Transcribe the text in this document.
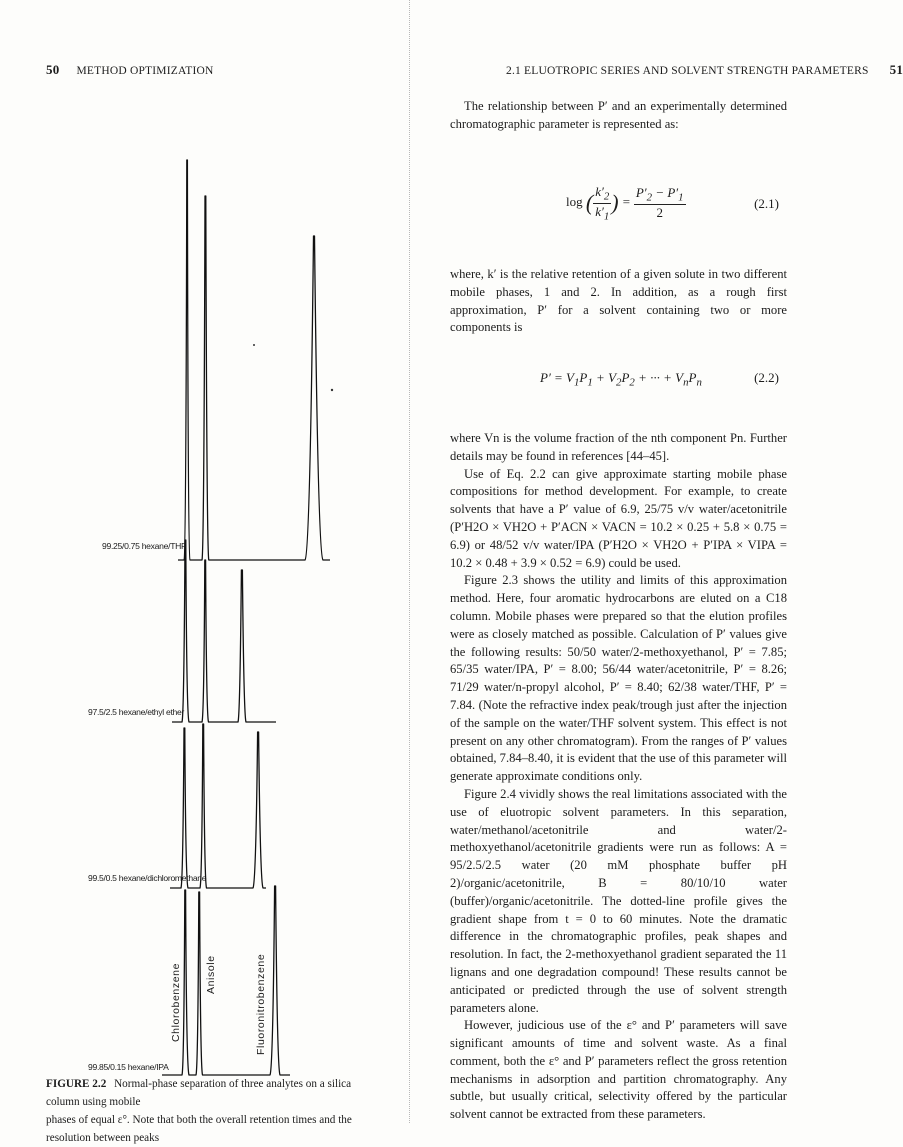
50 METHOD OPTIMIZATION	2.1 ELUOTROPIC SERIES AND SOLVENT STRENGTH PARAMETERS 51
99.25/0.75 hexane/THF
97.5/2.5 hexane/ethyl ether
99.5/0.5 hexane/dichloromethane
99.85/0.15 hexane/IPA
Chlorobenzene Anisole	Fluoronitrobenzene
FIGURE 2.2 Normal-phase separation of three analytes on a silica column using mobile
phases of equal ε°. Note that both the overall retention times and the resolution between peaks

The relationship between P′ and an experimentally determined chromatographic parameter is represented as:

log ( $\frac{k'_2}{k'_1}$ ) = $\frac{P'_2 - P'_1}{2}$	(2.1)

where, k′ is the relative retention of a given solute in two different mobile phases, 1 and 2. In addition, as a rough first approximation, P′ for a solvent containing two or more components is

$P' = V_1P_1 + V_2P_2$ + ··· + $V_nP_n$	(2.2)

where Vn is the volume fraction of the nth component Pn. Further details may be found in references [44–45].

Use of Eq. 2.2 can give approximate starting mobile phase compositions for method development. For example, to create solvents that have a P′ value of 6.9, 25/75 v/v water/acetonitrile (P′H2O × VH2O + P′ACN × VACN = 10.2 × 0.25 + 5.8 × 0.75 = 6.9) or 48/52 v/v water/IPA (P′H2O × VH2O + P′IPA × VIPA = 10.2 × 0.48 + 3.9 × 0.52 = 6.9) could be used.

Figure 2.3 shows the utility and limits of this approximation method. Here, four aromatic hydrocarbons are eluted on a C18 column. Mobile phases were prepared so that the elution profiles were as closely matched as possible. Calculation of P′ values give the following results: 50/50 water/2-methoxyethanol, P′ = 7.85; 65/35 water/IPA, P′ = 8.00; 56/44 water/acetonitrile, P′ = 8.26; 71/29 water/n-propyl alcohol, P′ = 8.40; 62/38 water/THF, P′ = 7.84. (Note the refractive index peak/trough just after the injection of the sample on the water/THF solvent system. This effect is not present on any other chromatogram). From the ranges of P′ values obtained, 7.84–8.40, it is evident that the use of this parameter will generate approximate conditions only.

Figure 2.4 vividly shows the real limitations associated with the use of eluotropic solvent parameters. In this separation, water/methanol/acetonitrile and water/2-methoxyethanol/acetonitrile gradients were run as follows: A = 95/2.5/2.5 water (20 mM phosphate buffer pH 2)/organic/acetonitrile, B = 80/10/10 water (buffer)/organic/acetonitrile. The dotted-line profile gives the gradient shape from t = 0 to 60 minutes. Note the dramatic difference in the chromatographic profiles, peak shapes and resolution. In fact, the 2-methoxyethanol gradient separated the 11 lignans and one degradation compound! These results cannot be anticipated or predicted through the use of solvent strength parameters alone.

However, judicious use of the ε° and P′ parameters will save significant amounts of time and solvent waste. As a final comment, both the ε° and P′ parameters reflect the gross retention mechanisms in adsorption and partition chromatography. Any subtle, but usually critical, selectivity offered by the particular solvent cannot be extracted from these parameters.
